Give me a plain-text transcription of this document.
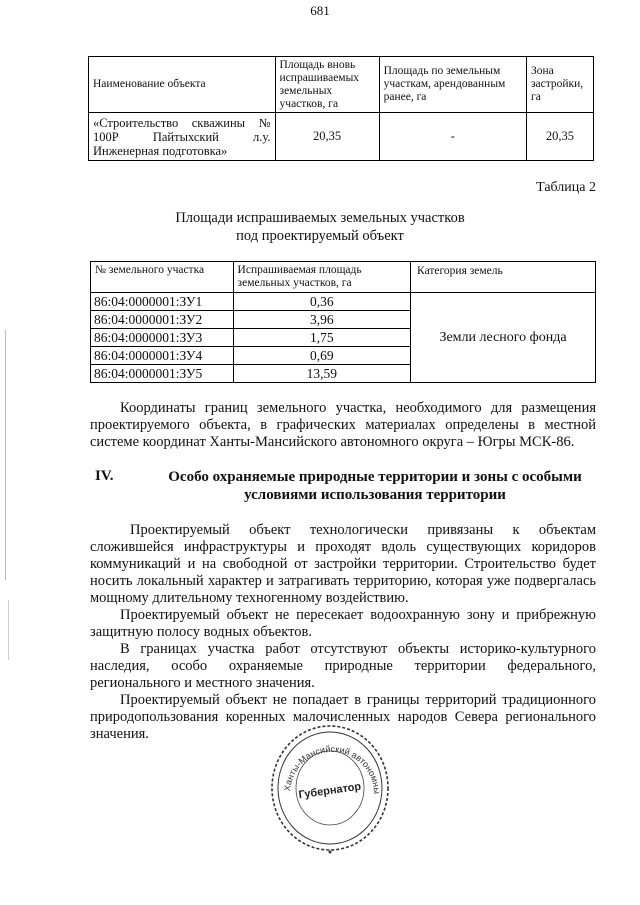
681
Наименование объекта	Площадь вновь испрашиваемых земельных участков, га	Площадь по земельным участкам, арендованным ранее, га	Зона застройки, га

«Строительство скважины №
100Р Пайтыхский л.у.
Инженерная подготовка»	20,35	-	20,35
Таблица 2
Площади испрашиваемых земельных участков
под проектируемый объект
№ земельного участка	Испрашиваемая площадь земельных участков, га	Категория земель
86:04:0000001:ЗУ1	0,36	Земли лесного фонда
86:04:0000001:ЗУ2	3,96	
86:04:0000001:ЗУ3	1,75	
86:04:0000001:ЗУ4	0,69	
86:04:0000001:ЗУ5	13,59	
Координаты границ земельного участка, необходимого для размещения проектируемого объекта, в графических материалах определены в местной системе координат Ханты-Мансийского автономного округа – Югры МСК-86.
IV.	Особо охраняемые природные территории и зоны с особыми условиями использования территории
Проектируемый объект технологически привязаны к объектам сложившейся инфраструктуры и проходят вдоль существующих коридоров коммуникаций и на свободной от застройки территории. Строительство будет носить локальный характер и затрагивать территорию, которая уже подвергалась мощному длительному техногенному воздействию.
Проектируемый объект не пересекает водоохранную зону и прибрежную защитную полосу водных объектов.
В границах участка работ отсутствуют объекты историко-культурного наследия, особо охраняемые природные территории федерального, регионального и местного значения.
Проектируемый объект не попадает в границы территорий традиционного природопользования коренных малочисленных народов Севера регионального значения.
Ханты-Мансийский автономны
Губернатор
